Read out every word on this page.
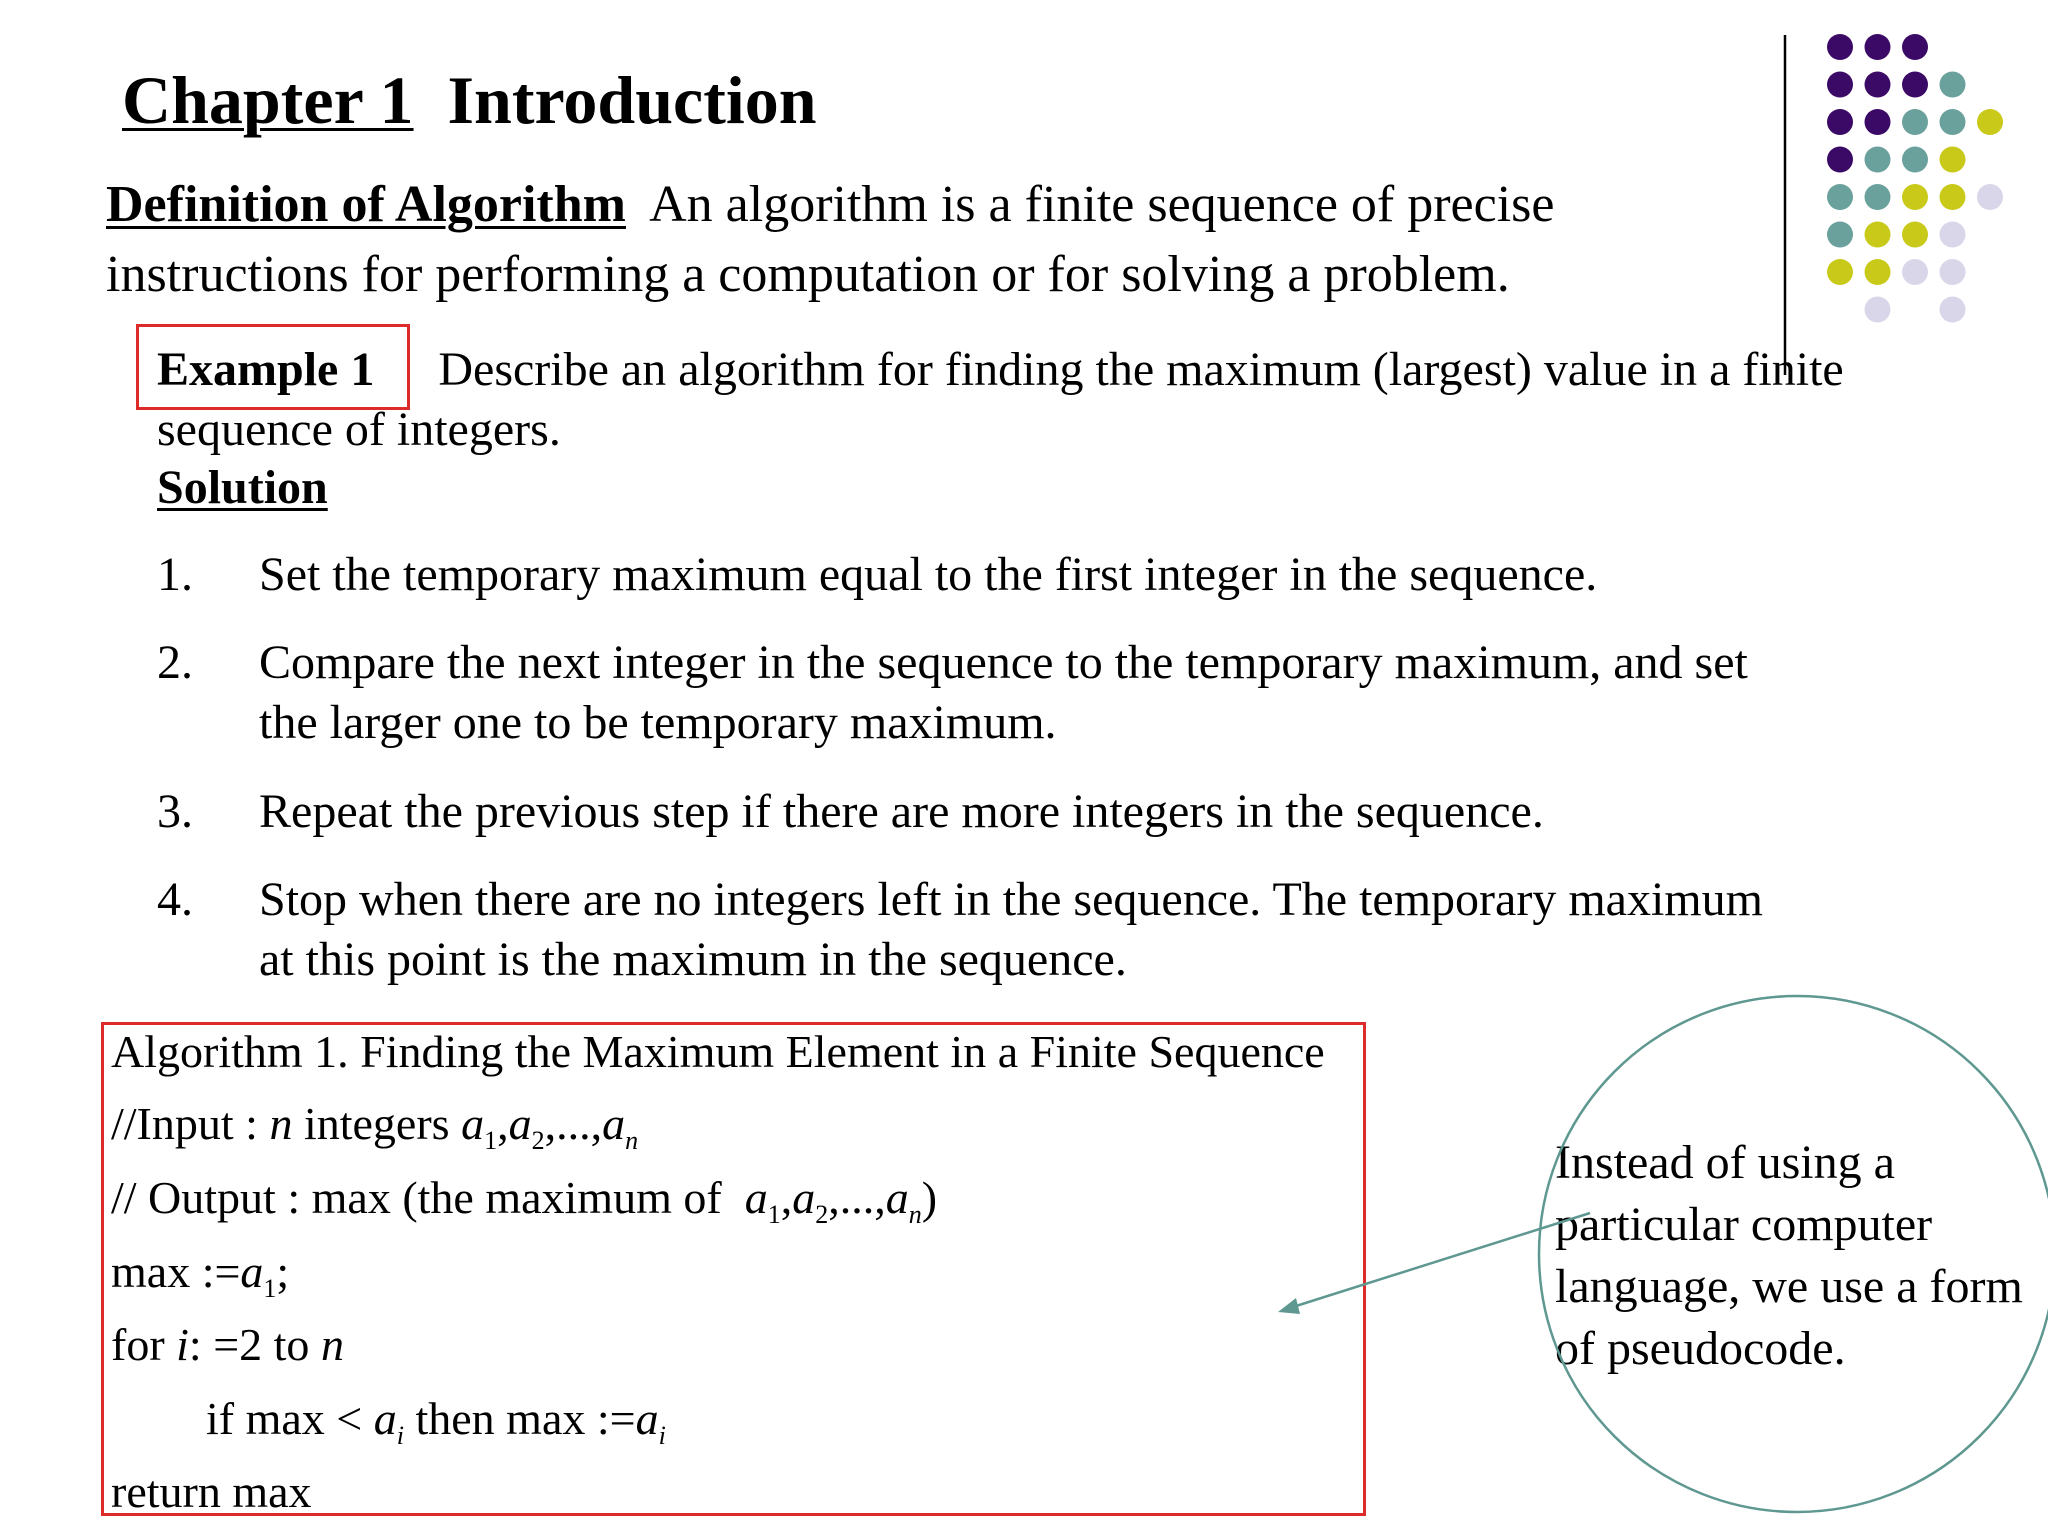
Chapter 1 Introduction
Definition of Algorithm An algorithm is a finite sequence of precise instructions for performing a computation or for solving a problem.
Example 1 Describe an algorithm for finding the maximum (largest) value in a finite
sequence of integers.
Solution
1. Set the temporary maximum equal to the first integer in the sequence.
2. Compare the next integer in the sequence to the temporary maximum, and set
the larger one to be temporary maximum.
3. Repeat the previous step if there are more integers in the sequence.
4. Stop when there are no integers left in the sequence. The temporary maximum
at this point is the maximum in the sequence.
Algorithm 1. Finding the Maximum Element in a Finite Sequence
//Input : n integers $a_1,a_2,...,a_n$
// Output : max (the maximum of $a_1,a_2,...,a_n$)
$\max :=a_1$;
for i: =2 to n
if $\max < a_i$ then $\max :=a_i$
return max
Instead of using a particular computer language, we use a form of pseudocode.
